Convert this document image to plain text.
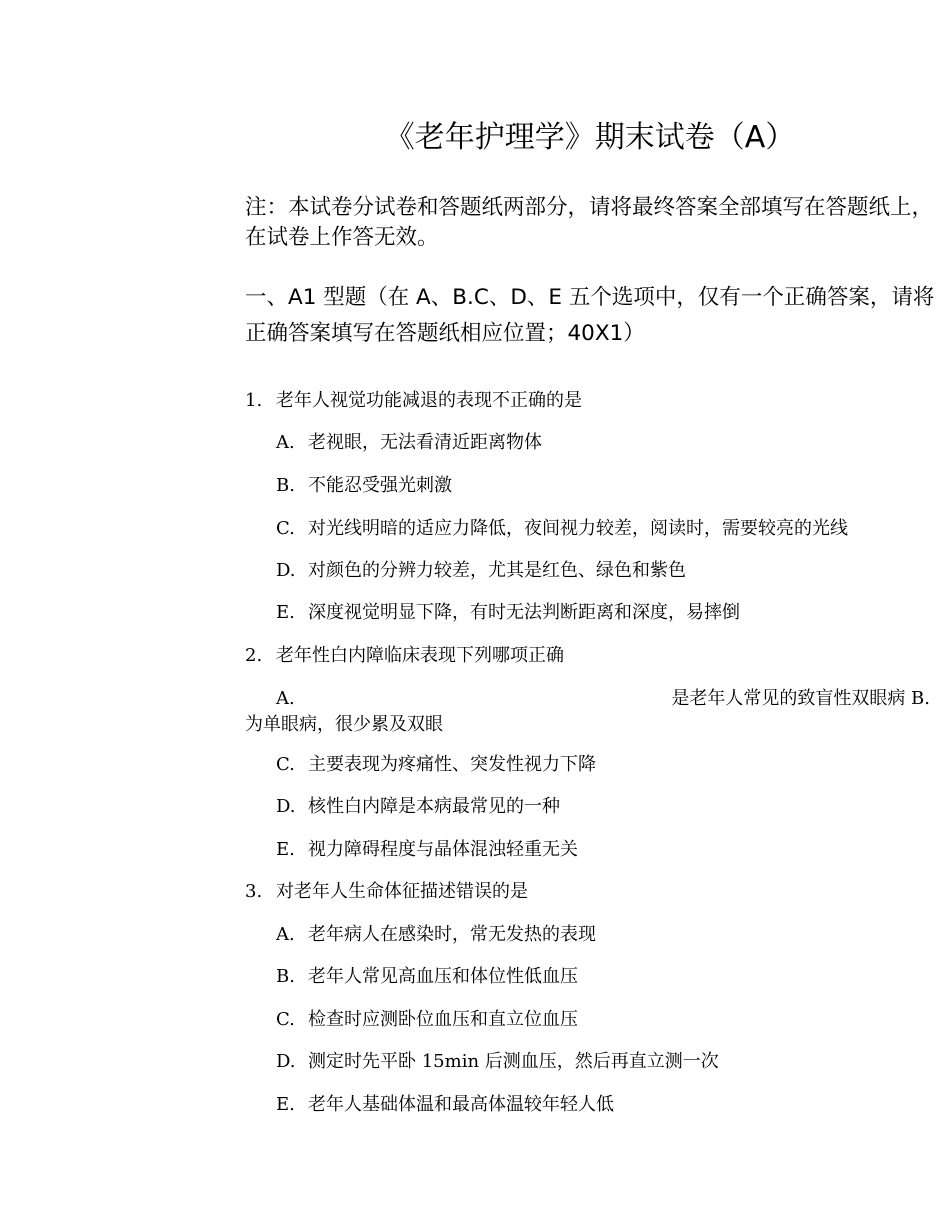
《老年护理学》期末试卷（A）
注：本试卷分试卷和答题纸两部分，请将最终答案全部填写在答题纸上，在试卷上作答无效。
一、A1 型题（在 A、B.C、D、E 五个选项中，仅有一个正确答案，请将正确答案填写在答题纸相应位置；40X1）
1. 老年人视觉功能减退的表现不正确的是
A. 老视眼，无法看清近距离物体
B. 不能忍受强光刺激
C. 对光线明暗的适应力降低，夜间视力较差，阅读时，需要较亮的光线
D. 对颜色的分辨力较差，尤其是红色、绿色和紫色
E. 深度视觉明显下降，有时无法判断距离和深度，易摔倒
2. 老年性白内障临床表现下列哪项正确
A.	是老年人常见的致盲性双眼病 B.
为单眼病，很少累及双眼
C. 主要表现为疼痛性、突发性视力下降
D. 核性白内障是本病最常见的一种
E. 视力障碍程度与晶体混浊轻重无关
3. 对老年人生命体征描述错误的是
A. 老年病人在感染时，常无发热的表现
B. 老年人常见高血压和体位性低血压
C. 检查时应测卧位血压和直立位血压
D. 测定时先平卧 15min 后测血压，然后再直立测一次
E. 老年人基础体温和最高体温较年轻人低
